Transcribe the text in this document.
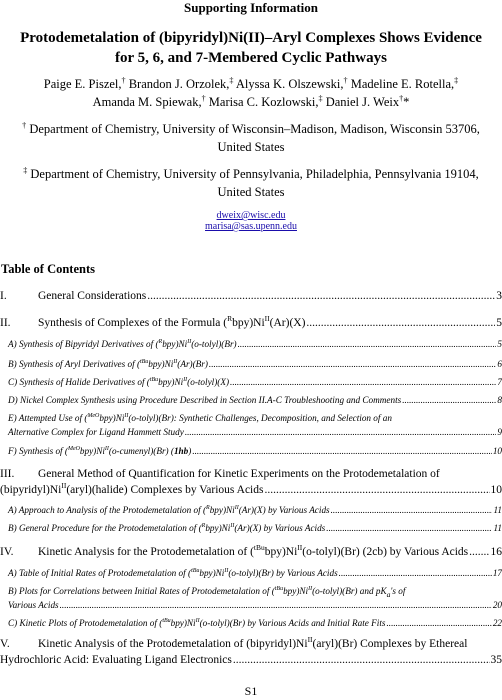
Supporting Information
Protodemetalation of (bipyridyl)Ni(II)–Aryl Complexes Shows Evidence for 5, 6, and 7-Membered Cyclic Pathways
Paige E. Piszel,† Brandon J. Orzolek,‡ Alyssa K. Olszewski,† Madeline E. Rotella,‡ Amanda M. Spiewak,† Marisa C. Kozlowski,‡ Daniel J. Weix†*
† Department of Chemistry, University of Wisconsin–Madison, Madison, Wisconsin 53706, United States
‡ Department of Chemistry, University of Pennsylvania, Philadelphia, Pennsylvania 19104, United States
dweix@wisc.edu
marisa@sas.upenn.edu
Table of Contents
I.	General Considerations .....	3
II. Synthesis of Complexes of the Formula $(^Rbpy)Ni^{II}(Ar)(X)$ .....	5
A) Synthesis of Bipyridyl Derivatives of $(^Rbpy)Ni^{II}(o-tolyl)(Br)$ .....	5
B) Synthesis of Aryl Derivatives of $(^{tBu}bpy)Ni^{II}(Ar)(Br)$ .....	6
C) Synthesis of Halide Derivatives of $(^{tBu}bpy)Ni^{II}(o-tolyl)(X)$ .....	7
D) Nickel Complex Synthesis using Procedure Described in Section II.A-C Troubleshooting and Comments .....	8
E) Attempted Use of $(^{MeO}bpy)Ni^{II}(o-tolyl)(Br)$: Synthetic Challenges, Decomposition, and Selection of an
Alternative Complex for Ligand Hammett Study .....	9
F) Synthesis of $(^{MeO}bpy)Ni^{II}(o-cumenyl)(Br)$ (1hb) .....	10
III. General Method of Quantification for Kinetic Experiments on the Protodemetalation of
$(bipyridyl)Ni^{II}(aryl)(halide)$ Complexes by Various Acids .....	10
A) Approach to Analysis of the Protodemetalation of $(^Rbpy)Ni^{II}(Ar)(X)$ by Various Acids .....	11
B) General Procedure for the Protodemetalation of $(^Rbpy)Ni^{II}(Ar)(X)$ by Various Acids .....	11
IV. Kinetic Analysis for the Protodemetalation of $(^{tBu}bpy)Ni^{II}(o-tolyl)(Br)$ (2cb) by Various Acids ..... 16
A) Table of Initial Rates of Protodemetalation of $(^{tBu}bpy)Ni^{II}(o-tolyl)(Br)$ by Various Acids .....	17
B) Plots for Correlations between Initial Rates of Protodemetalation of $(^{tBu}bpy)Ni^{II}(o-tolyl)(Br)$ and $pK_a's$ of
Various Acids .....	20
C) Kinetic Plots of Protodemetalation of $(^{tBu}bpy)Ni^{II}(o-tolyl)(Br)$ by Various Acids and Initial Rate Fits .....	22
V. Kinetic Analysis of the Protodemetalation of $(bipyridyl)Ni^{II}(aryl)(Br)$ Complexes by Ethereal
Hydrochloric Acid: Evaluating Ligand Electronics .....	35
S1
